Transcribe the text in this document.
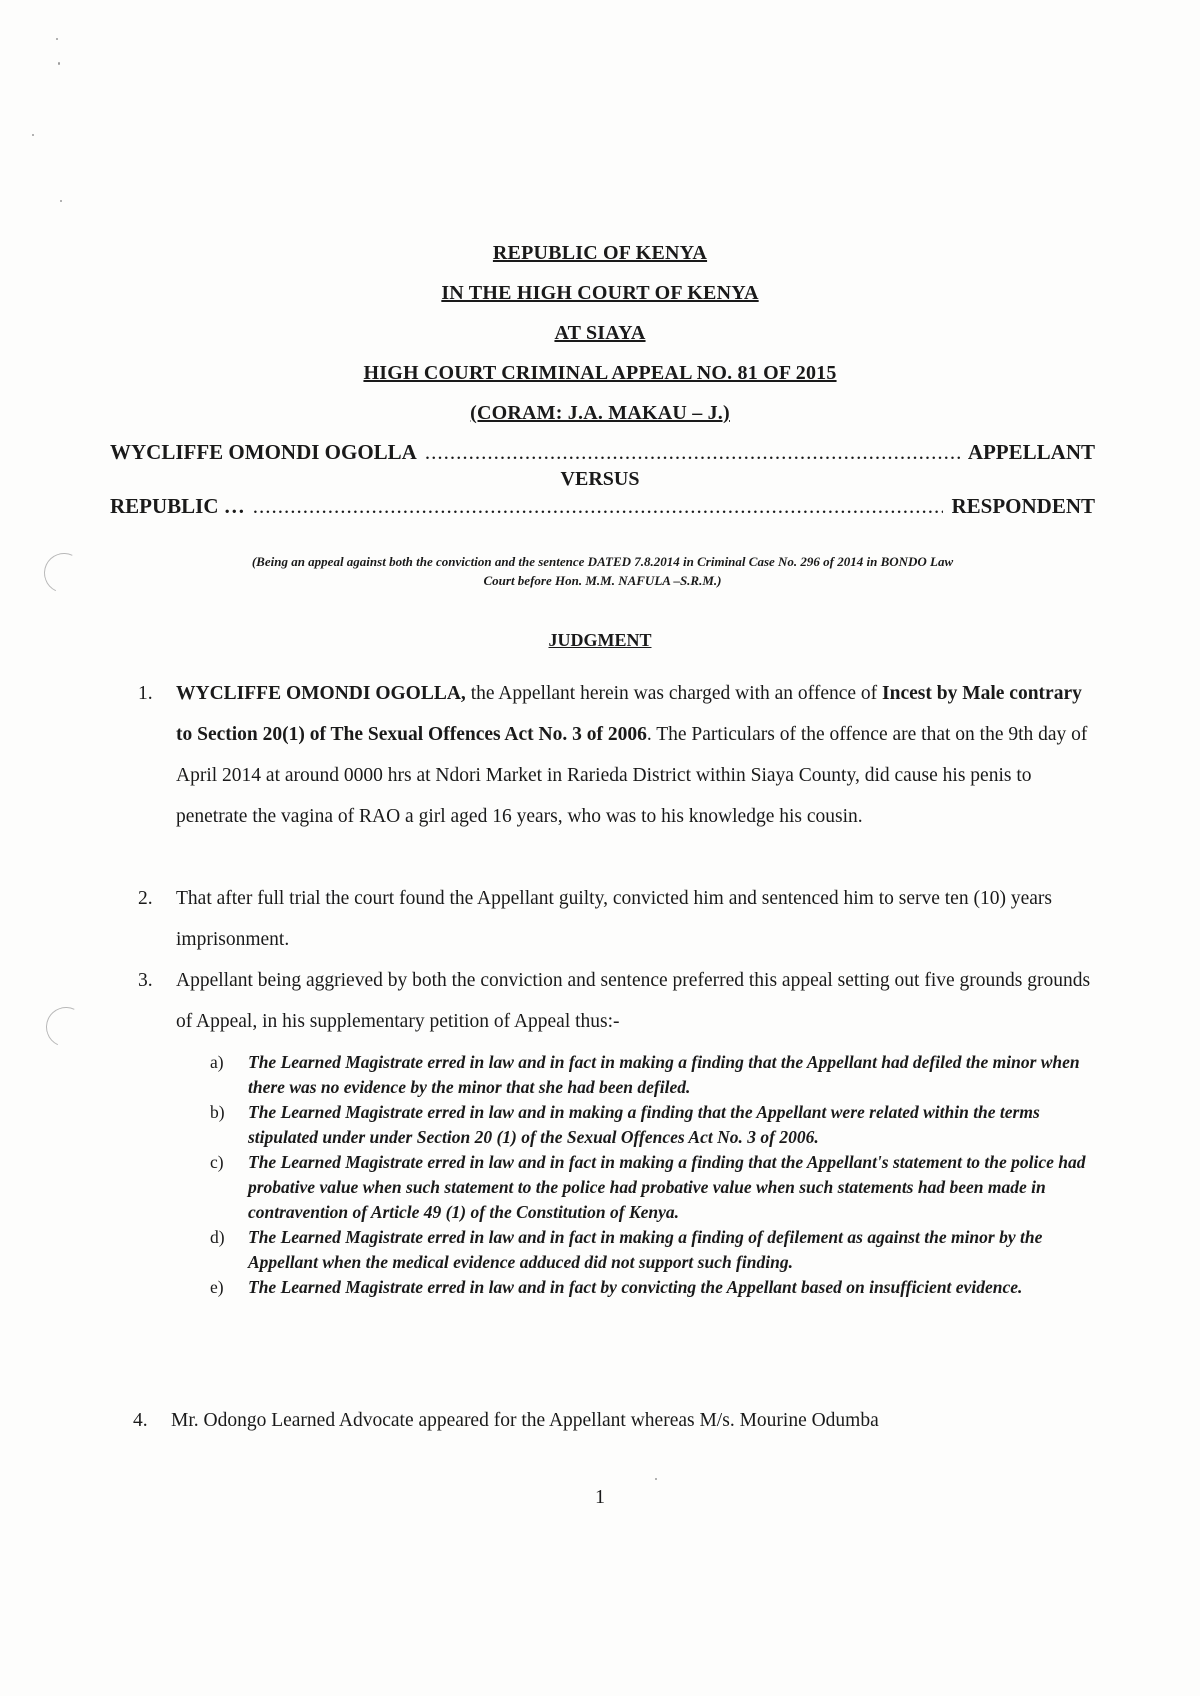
REPUBLIC OF KENYA
IN THE HIGH COURT OF KENYA
AT SIAYA
HIGH COURT CRIMINAL APPEAL NO. 81 OF 2015
(CORAM: J.A. MAKAU – J.)
WYCLIFFE OMONDI OGOLLA .....	APPELLANT
VERSUS
REPUBLIC … .....	RESPONDENT
(Being an appeal against both the conviction and the sentence DATED 7.8.2014 in Criminal Case No. 296 of 2014 in BONDO Law
Court before Hon. M.M. NAFULA –S.R.M.)
JUDGMENT
1.	WYCLIFFE OMONDI OGOLLA, the Appellant herein was charged with an offence of Incest by Male contrary to Section 20(1) of The Sexual Offences Act No. 3 of 2006. The Particulars of the offence are that on the 9th day of April 2014 at around 0000 hrs at Ndori Market in Rarieda District within Siaya County, did cause his penis to penetrate the vagina of RAO a girl aged 16 years, who was to his knowledge his cousin.
2.	That after full trial the court found the Appellant guilty, convicted him and sentenced him to serve ten (10) years imprisonment.
3.	Appellant being aggrieved by both the conviction and sentence preferred this appeal setting out five grounds grounds of Appeal, in his supplementary petition of Appeal thus:-
a)	The Learned Magistrate erred in law and in fact in making a finding that the Appellant had defiled the minor when there was no evidence by the minor that she had been defiled.
b)	The Learned Magistrate erred in law and in making a finding that the Appellant were related within the terms stipulated under under Section 20 (1) of the Sexual Offences Act No. 3 of 2006.
c)	The Learned Magistrate erred in law and in fact in making a finding that the Appellant's statement to the police had probative value when such statement to the police had probative value when such statements had been made in contravention of Article 49 (1) of the Constitution of Kenya.
d)	The Learned Magistrate erred in law and in fact in making a finding of defilement as against the minor by the Appellant when the medical evidence adduced did not support such finding.
e)	The Learned Magistrate erred in law and in fact by convicting the Appellant based on insufficient evidence.
4.	Mr. Odongo Learned Advocate appeared for the Appellant whereas M/s. Mourine Odumba
1
